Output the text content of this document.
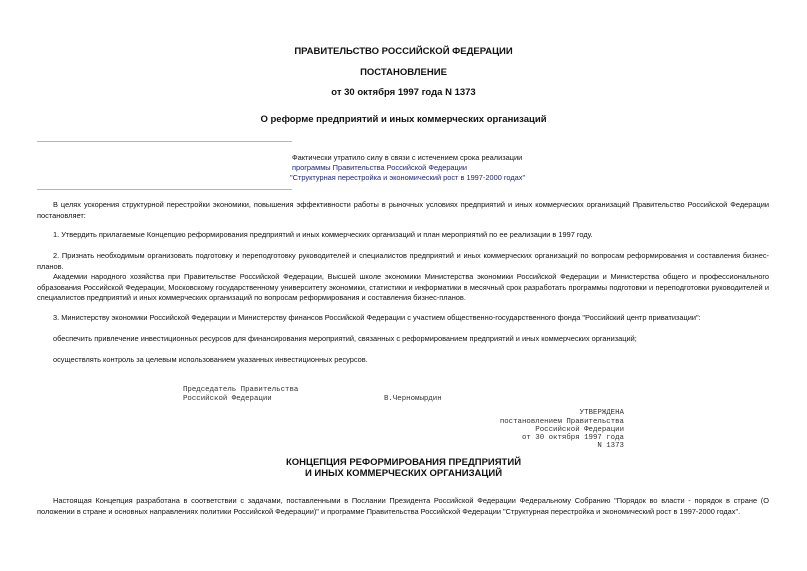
ПРАВИТЕЛЬСТВО РОССИЙСКОЙ ФЕДЕРАЦИИ
ПОСТАНОВЛЕНИЕ
от 30 октября 1997 года N 1373
О реформе предприятий и иных коммерческих организаций
Фактически утратило силу в связи с истечением срока реализации
программы Правительства Российской Федерации
"Структурная перестройка и экономический рост в 1997-2000 годах"
В целях ускорения структурной перестройки экономики, повышения эффективности работы в рыночных условиях предприятий и иных коммерческих организаций Правительство Российской Федерации постановляет:
1. Утвердить прилагаемые Концепцию реформирования предприятий и иных коммерческих организаций и план мероприятий по ее реализации в 1997 году.
2. Признать необходимым организовать подготовку и переподготовку руководителей и специалистов предприятий и иных коммерческих организаций по вопросам реформирования и составления бизнес-планов.
Академии народного хозяйства при Правительстве Российской Федерации, Высшей школе экономики Министерства экономики Российской Федерации и Министерства общего и профессионального образования Российской Федерации, Московскому государственному университету экономики, статистики и информатики в месячный срок разработать программы подготовки и переподготовки руководителей и специалистов предприятий и иных коммерческих организаций по вопросам реформирования и составления бизнес-планов.
3. Министерству экономики Российской Федерации и Министерству финансов Российской Федерации с участием общественно-государственного фонда "Российский центр приватизации":
обеспечить привлечение инвестиционных ресурсов для финансирования мероприятий, связанных с реформированием предприятий и иных коммерческих организаций;
осуществлять контроль за целевым использованием указанных инвестиционных ресурсов.
Председатель Правительства
Российской Федерации	В.Черномырдин
УТВЕРЖДЕНА
постановлением Правительства
Российской Федерации
от 30 октября 1997 года
N 1373
КОНЦЕПЦИЯ РЕФОРМИРОВАНИЯ ПРЕДПРИЯТИЙ
И ИНЫХ КОММЕРЧЕСКИХ ОРГАНИЗАЦИЙ
Настоящая Концепция разработана в соответствии с задачами, поставленными в Послании Президента Российской Федерации Федеральному Собранию "Порядок во власти - порядок в стране (О положении в стране и основных направлениях политики Российской Федерации)" и программе Правительства Российской Федерации "Структурная перестройка и экономический рост в 1997-2000 годах".
